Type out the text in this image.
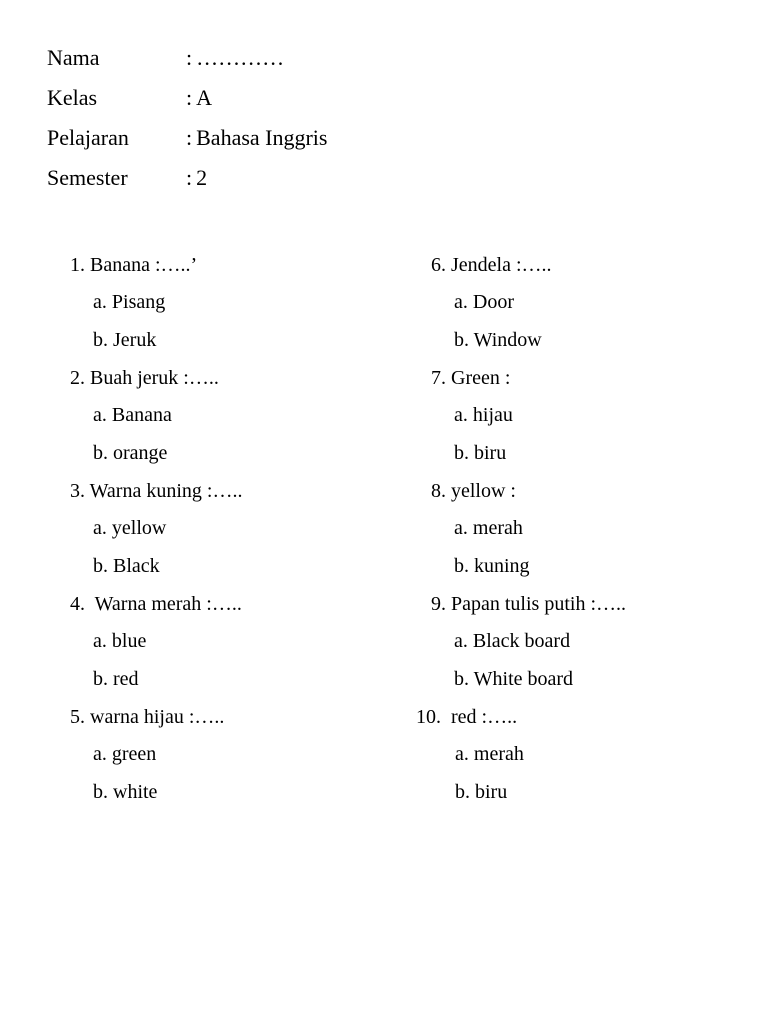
Nama	: …………
Kelas	: A
Pelajaran	: Bahasa Inggris
Semester	: 2
1. Banana :…..’
a. Pisang
b. Jeruk
2. Buah jeruk :…..
a. Banana
b. orange
3. Warna kuning :…..
a. yellow
b. Black
4. Warna merah :…..
a. blue
b. red
5. warna hijau :…..
a. green
b. white
6. Jendela :…..
a. Door
b. Window
7. Green :
a. hijau
b. biru
8. yellow :
a. merah
b. kuning
9. Papan tulis putih :…..
a. Black board
b. White board
10. red :…..
a. merah
b. biru
